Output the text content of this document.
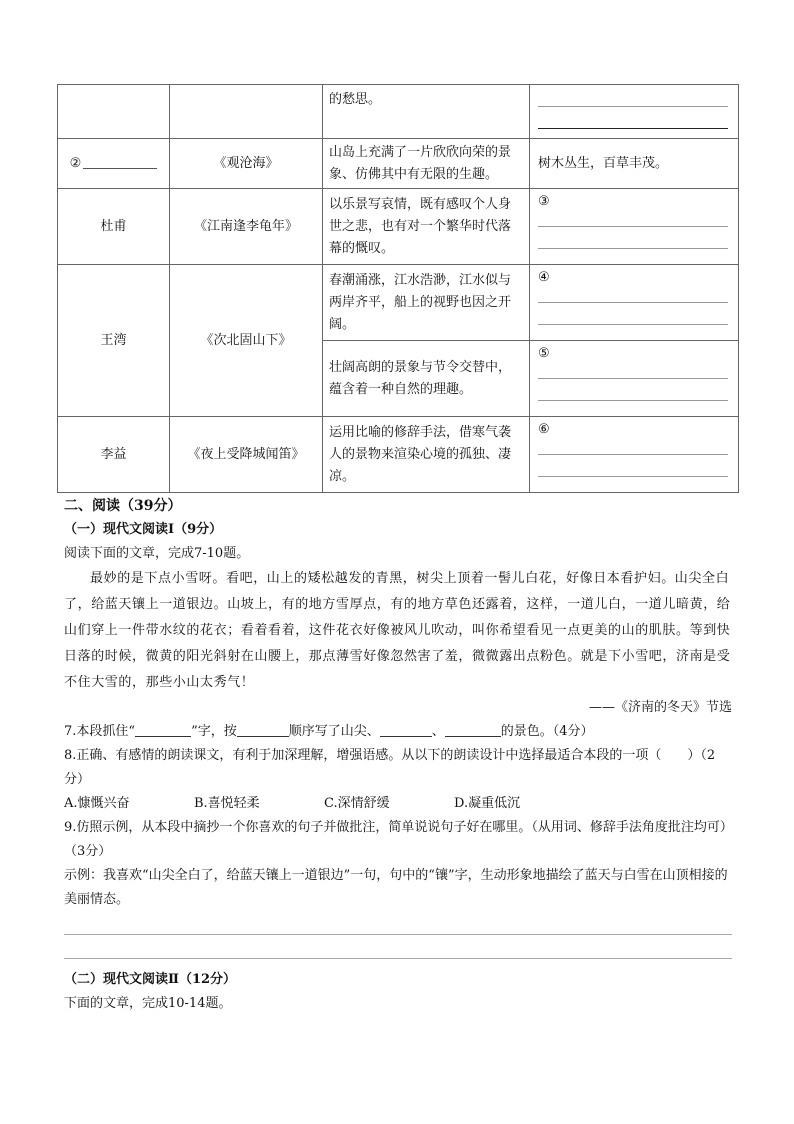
		的愁思。	

②	《观沧海》	山岛上充满了一片欣欣向荣的景象、仿佛其中有无限的生趣。	树木丛生，百草丰茂。
杜甫	《江南逢李龟年》	以乐景写哀情，既有感叹个人身世之悲，也有对一个繁华时代落幕的慨叹。	③

王湾	《次北固山下》	春潮涌涨，江水浩渺，江水似与两岸齐平，船上的视野也因之开阔。	④

		壮阔高朗的景象与节令交替中，蕴含着一种自然的理趣。	⑤

李益	《夜上受降城闻笛》	运用比喻的修辞手法，借寒气袭人的景物来渲染心境的孤独、凄凉。	⑥
二、阅读（39分）
（一）现代文阅读Ⅰ（9分）
阅读下面的文章，完成7-10题。
最妙的是下点小雪呀。看吧，山上的矮松越发的青黑，树尖上顶着一髻儿白花，好像日本看护妇。山尖全白了，给蓝天镶上一道银边。山坡上，有的地方雪厚点，有的地方草色还露着，这样，一道儿白，一道儿暗黄，给山们穿上一件带水纹的花衣；看着看着，这件花衣好像被风儿吹动，叫你希望看见一点更美的山的肌肤。等到快日落的时候，微黄的阳光斜射在山腰上，那点薄雪好像忽然害了羞，微微露出点粉色。就是下小雪吧，济南是受不住大雪的，那些小山太秀气！
——《济南的冬天》节选
7.本段抓住“	”字，按	顺序写了山尖、	、	的景色。（4分）
8.正确、有感情的朗读课文，有利于加深理解，增强语感。从以下的朗读设计中选择最适合本段的一项（　　）（2分）
A.慷慨兴奋	B.喜悦轻柔	C.深情舒缓	D.凝重低沉
9.仿照示例，从本段中摘抄一个你喜欢的句子并做批注，简单说说句子好在哪里。（从用词、修辞手法角度批注均可）（3分）
示例：我喜欢“山尖全白了，给蓝天镶上一道银边”一句，句中的“镶”字，生动形象地描绘了蓝天与白雪在山顶相接的美丽情态。
（二）现代文阅读Ⅱ（12分）
下面的文章，完成10-14题。
